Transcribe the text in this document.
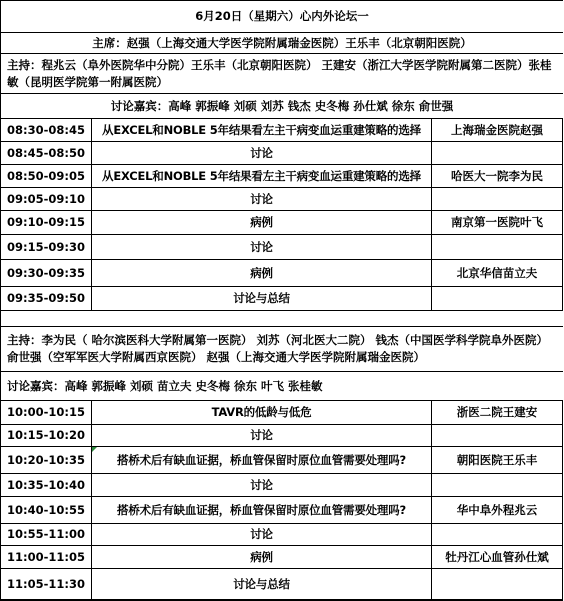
6月20日（星期六）心内外论坛一
主席：赵强（上海交通大学医学院附属瑞金医院）王乐丰（北京朝阳医院）
主持：程兆云（阜外医院华中分院）王乐丰（北京朝阳医院） 王建安（浙江大学医学院附属第二医院）张桂敏（昆明医学院第一附属医院）
讨论嘉宾：高峰 郭振峰 刘硕 刘苏 钱杰 史冬梅 孙仕斌 徐东 俞世强
08:30-08:45	从EXCEL和NOBLE 5年结果看左主干病变血运重建策略的选择	上海瑞金医院赵强
08:45-08:50	讨论
08:50-09:05	从EXCEL和NOBLE 5年结果看左主干病变血运重建策略的选择	哈医大一院李为民
09:05-09:10	讨论
09:10-09:15	病例	南京第一医院叶飞
09:15-09:30	讨论
09:30-09:35	病例	北京华信苗立夫
09:35-09:50	讨论与总结
主持：李为民（ 哈尔滨医科大学附属第一医院） 刘苏（河北医大二院） 钱杰（中国医学科学院阜外医院） 俞世强（空军军医大学附属西京医院） 赵强（上海交通大学医学院附属瑞金医院）
讨论嘉宾：高峰 郭振峰 刘硕 苗立夫 史冬梅 徐东 叶飞 张桂敏
10:00-10:15	TAVR的低龄与低危	浙医二院王建安
10:15-10:20	讨论
10:20-10:35	搭桥术后有缺血证据，桥血管保留时原位血管需要处理吗?	朝阳医院王乐丰
10:35-10:40	讨论
10:40-10:55	搭桥术后有缺血证据，桥血管保留时原位血管需要处理吗?	华中阜外程兆云
10:55-11:00	讨论
11:00-11:05	病例	牡丹江心血管孙仕斌
11:05-11:30	讨论与总结
